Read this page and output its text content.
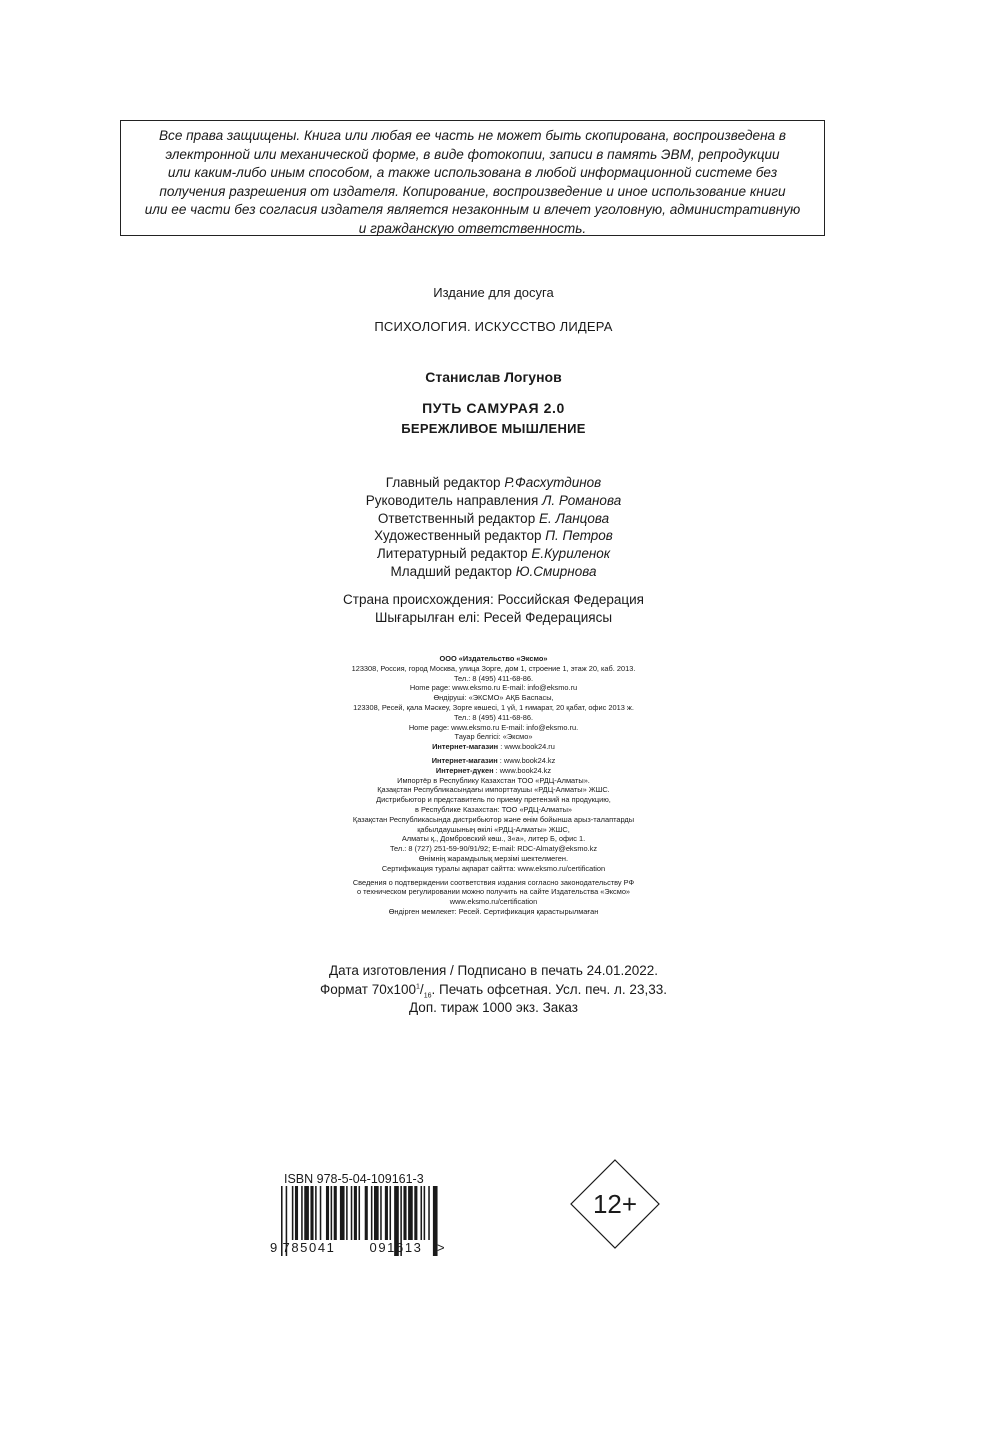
Все права защищены. Книга или любая ее часть не может быть скопирована, воспроизведена в
электронной или механической форме, в виде фотокопии, записи в память ЭВМ, репродукции
или каким-либо иным способом, а также использована в любой информационной системе без
получения разрешения от издателя. Копирование, воспроизведение и иное использование книги
или ее части без согласия издателя является незаконным и влечет уголовную, административную
и гражданскую ответственность.
Издание для досуга
ПСИХОЛОГИЯ. ИСКУССТВО ЛИДЕРА
Станислав Логунов
ПУТЬ САМУРАЯ 2.0
БЕРЕЖЛИВОЕ МЫШЛЕНИЕ
Главный редактор Р.Фасхутдинов
Руководитель направления Л. Романова
Ответственный редактор Е. Ланцова
Художественный редактор П. Петров
Литературный редактор Е.Куриленок
Младший редактор Ю.Смирнова
Страна происхождения: Российская Федерация
Шығарылған елі: Ресей Федерациясы
ООО «Издательство «Эксмо»
123308, Россия, город Москва, улица Зорге, дом 1, строение 1, этаж 20, каб. 2013.
Тел.: 8 (495) 411-68-86.
Home page: www.eksmo.ru E-mail: info@eksmo.ru
Өндіруші: «ЭКСМО» АҚБ Баспасы,
123308, Ресей, қала Мәскеу, Зорге көшесі, 1 үй, 1 ғимарат, 20 қабат, офис 2013 ж.
Тел.: 8 (495) 411-68-86.
Home page: www.eksmo.ru E-mail: info@eksmo.ru.
Тауар белгісі: «Эксмо»
Интернет-магазин : www.book24.ru
Интернет-магазин : www.book24.kz
Интернет-дүкен : www.book24.kz
Импортёр в Республику Казахстан ТОО «РДЦ-Алматы».
Қазақстан Республикасындағы импорттаушы «РДЦ-Алматы» ЖШС.
Дистрибьютор и представитель по приему претензий на продукцию,
в Республике Казахстан: ТОО «РДЦ-Алматы»
Қазақстан Республикасында дистрибьютор және өнім бойынша арыз-талаптарды
қабылдаушының өкілі «РДЦ-Алматы» ЖШС,
Алматы қ., Домбровский көш., 3«а», литер Б, офис 1.
Тел.: 8 (727) 251-59-90/91/92; E-mail: RDC-Almaty@eksmo.kz
Өнімнің жарамдылық мерзімі шектелмеген.
Сертификация туралы ақпарат сайтта: www.eksmo.ru/certification
Сведения о подтверждении соответствия издания согласно законодательству РФ
о техническом регулировании можно получить на сайте Издательства «Эксмо»
www.eksmo.ru/certification
Өндірген мемлекет: Ресей. Сертификация қарастырылмаған
Дата изготовления / Подписано в печать 24.01.2022.
Формат $70x100^1/_{16}$. Печать офсетная. Усл. печ. л. 23,33.
Доп. тираж 1000 экз. Заказ
ISBN 978-5-04-109161-3
9 785041	091613 >
12+
